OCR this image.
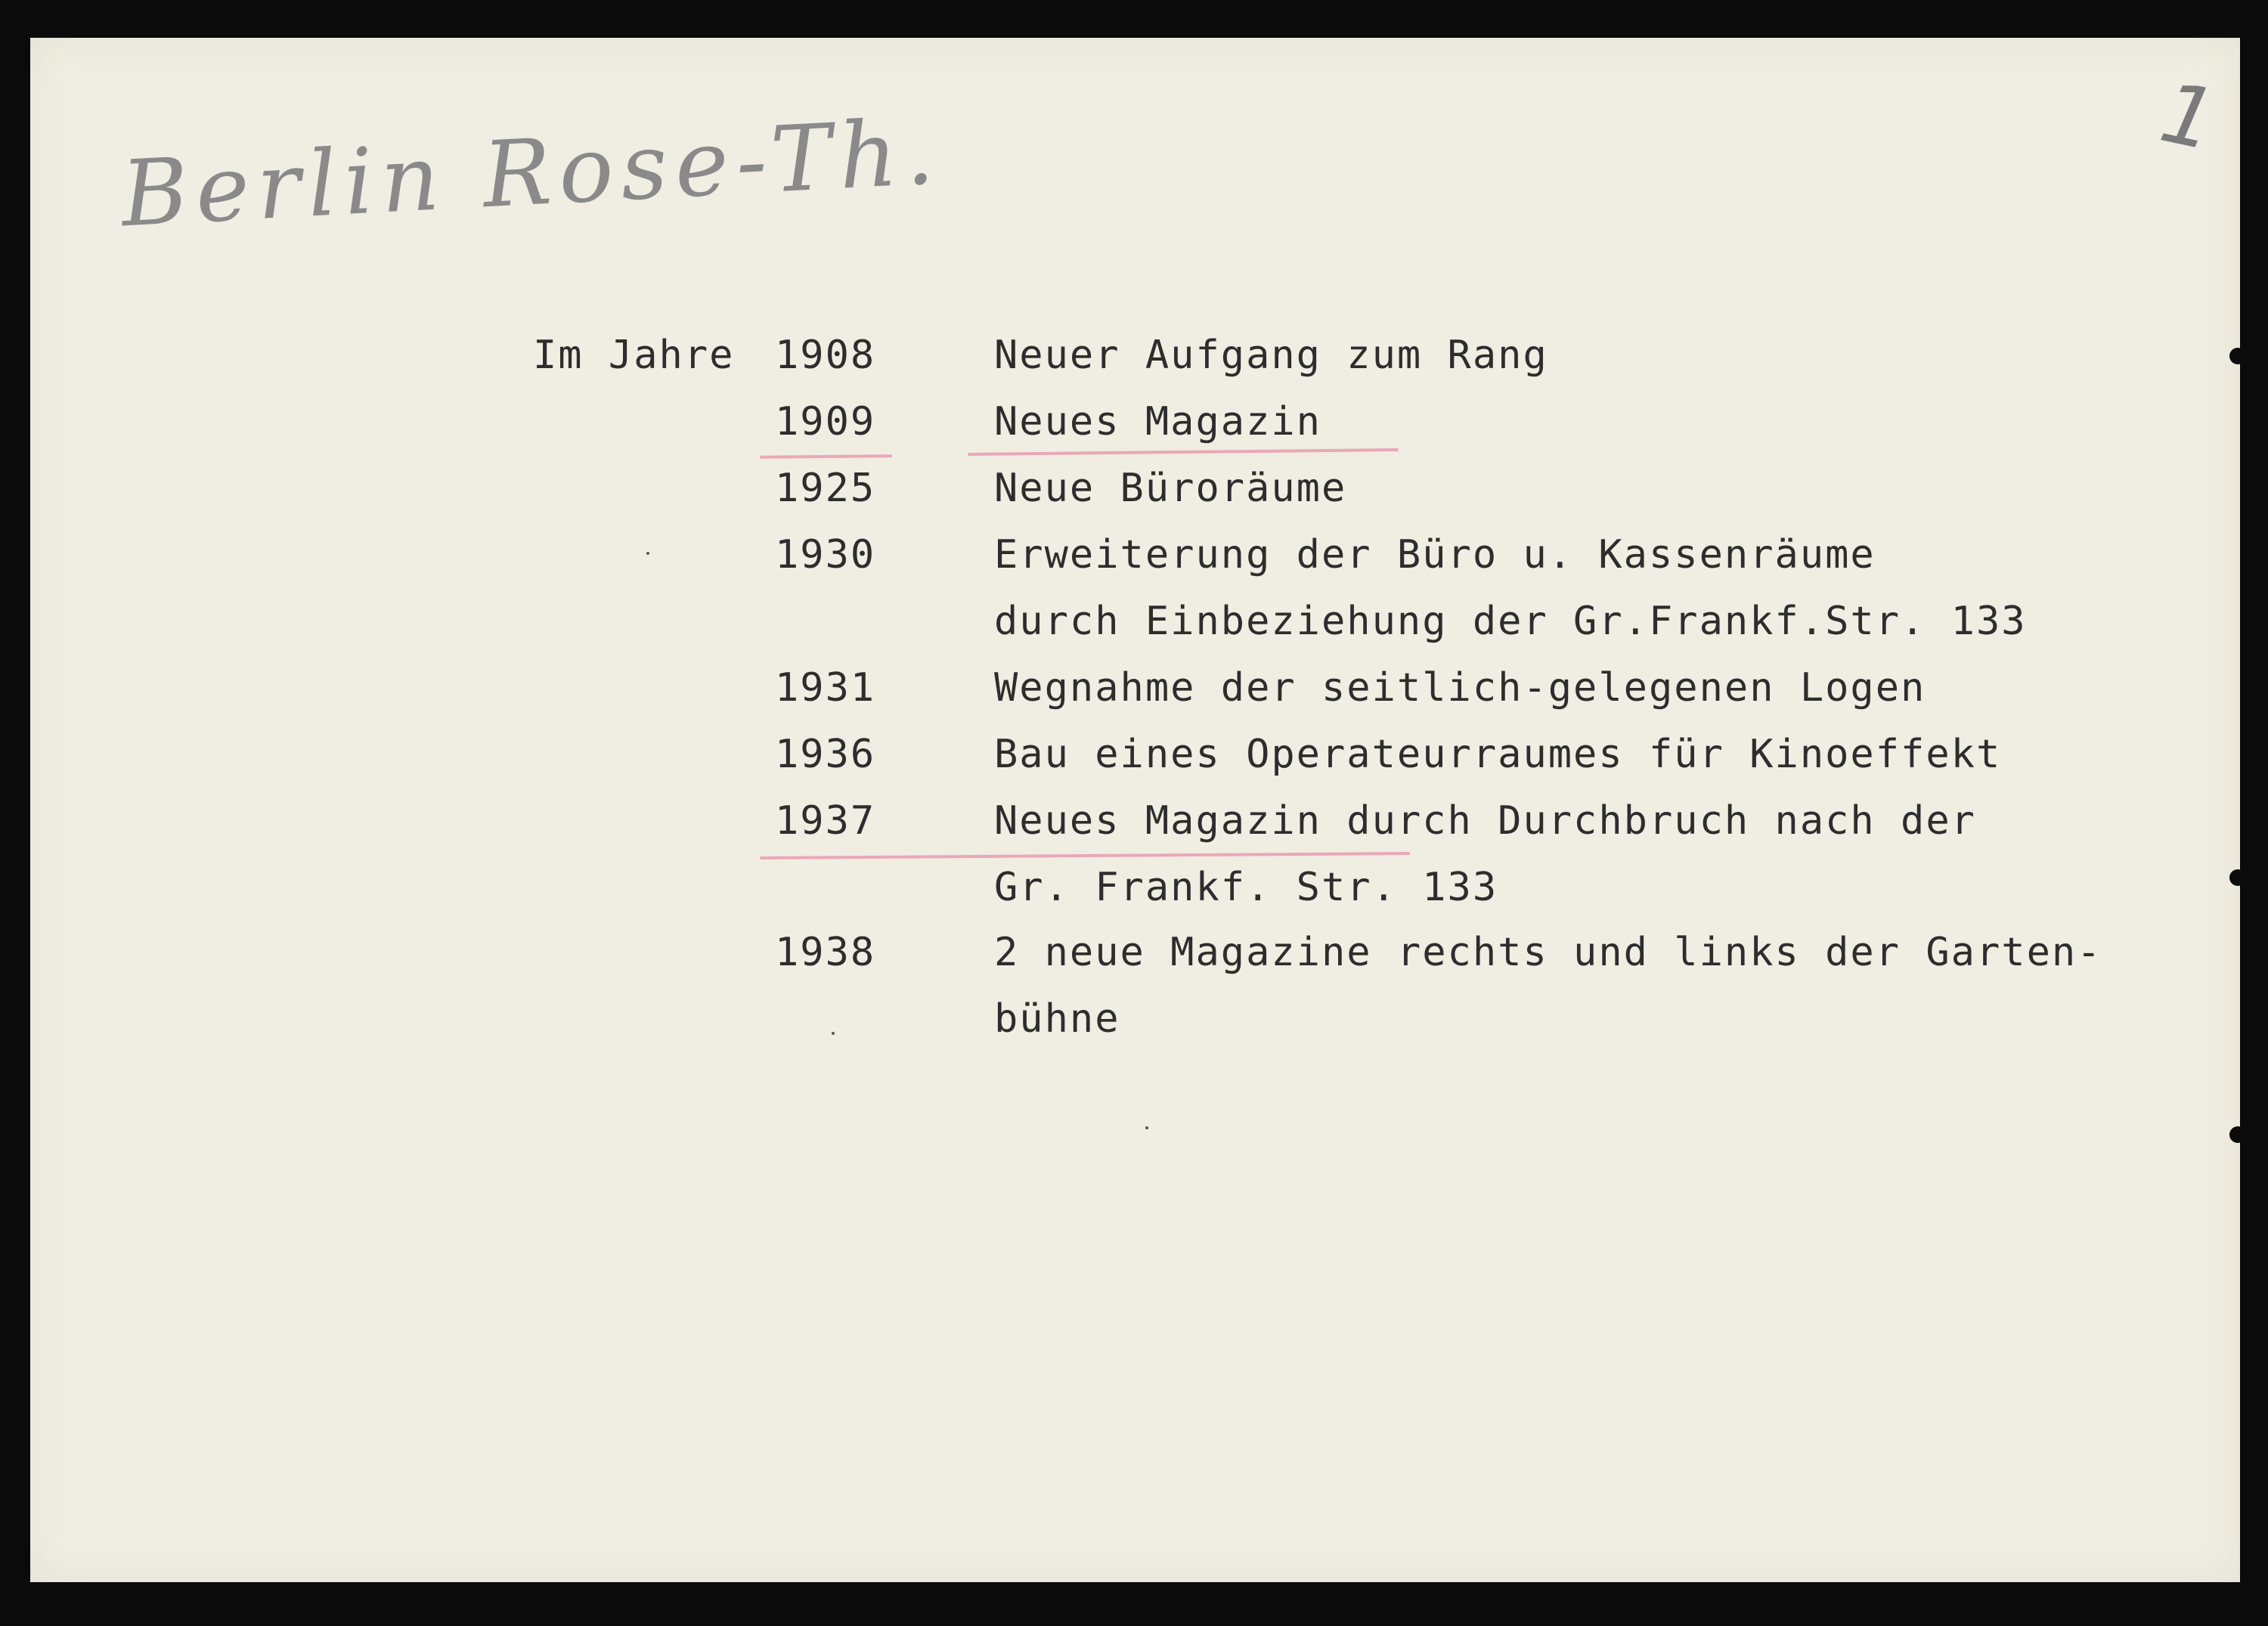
Berlin Rose-Th.	1
Im Jahre 1908	Neuer Aufgang zum Rang
1909	Neues Magazin
1925	Neue Büroräume
1930	Erweiterung der Büro u. Kassenräume
durch Einbeziehung der Gr.Frankf.Str. 133
1931	Wegnahme der seitlich-gelegenen Logen
1936	Bau eines Operateurraumes für Kinoeffekt
1937	Neues Magazin durch Durchbruch nach der
Gr. Frankf. Str. 133
1938	2 neue Magazine rechts und links der Garten-
bühne
